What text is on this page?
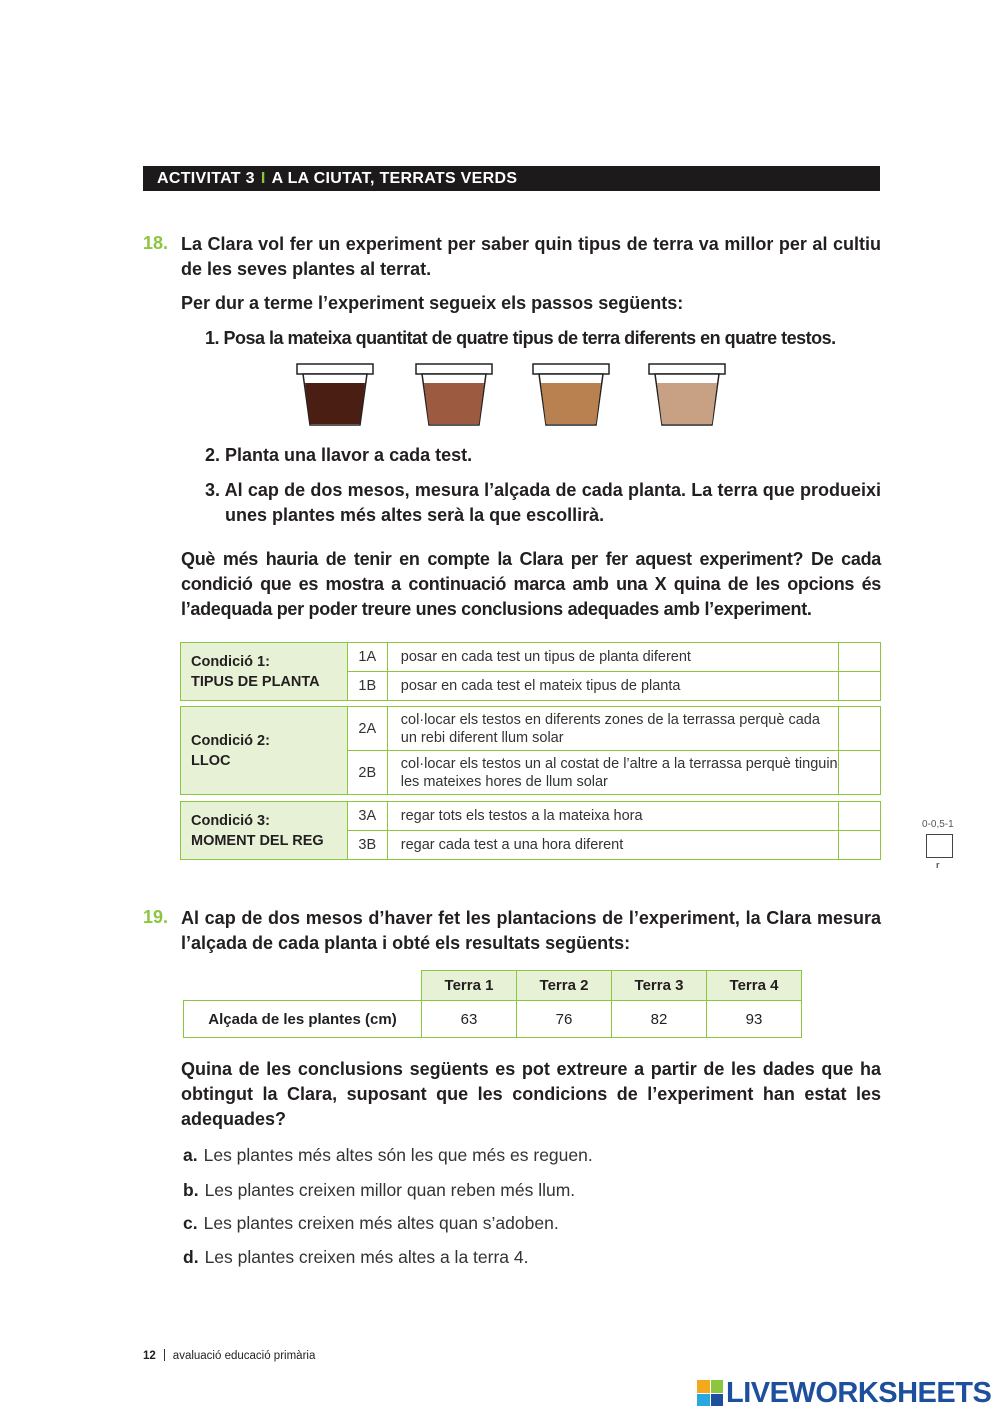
ACTIVITAT 3 I A LA CIUTAT, TERRATS VERDS
18. La Clara vol fer un experiment per saber quin tipus de terra va millor per al cultiu de les seves plantes al terrat.
Per dur a terme l’experiment segueix els passos següents:
1. Posa la mateixa quantitat de quatre tipus de terra diferents en quatre testos.
2. Planta una llavor a cada test.
3. Al cap de dos mesos, mesura l’alçada de cada planta. La terra que produeixi unes plantes més altes serà la que escollirà.
Què més hauria de tenir en compte la Clara per fer aquest experiment? De cada condició que es mostra a continuació marca amb una X quina de les opcions és l’adequada per poder treure unes conclusions adequades amb l’experiment.
Condició 1:
TIPUS DE PLANTA	1A	posar en cada test un tipus de planta diferent	
	1B	posar en cada test el mateix tipus de planta	
Condició 2:
LLOC	2A	col·locar els testos en diferents zones de la terrassa perquè cada un rebi diferent llum solar	
	2B	col·locar els testos un al costat de l’altre a la terrassa perquè tinguin les mateixes hores de llum solar	
Condició 3:
MOMENT DEL REG	3A	regar tots els testos a la mateixa hora	
	3B	regar cada test a una hora diferent	
0-0,5-1
r
19. Al cap de dos mesos d’haver fet les plantacions de l’experiment, la Clara mesura l’alçada de cada planta i obté els resultats següents:
	Terra 1	Terra 2	Terra 3	Terra 4
Alçada de les plantes (cm)	63	76	82	93
Quina de les conclusions següents es pot extreure a partir de les dades que ha obtingut la Clara, suposant que les condicions de l’experiment han estat les adequades?
a. Les plantes més altes són les que més es reguen.
b. Les plantes creixen millor quan reben més llum.
c. Les plantes creixen més altes quan s’adoben.
d. Les plantes creixen més altes a la terra 4.
12 avaluació educació primària
LIVEWORKSHEETS
